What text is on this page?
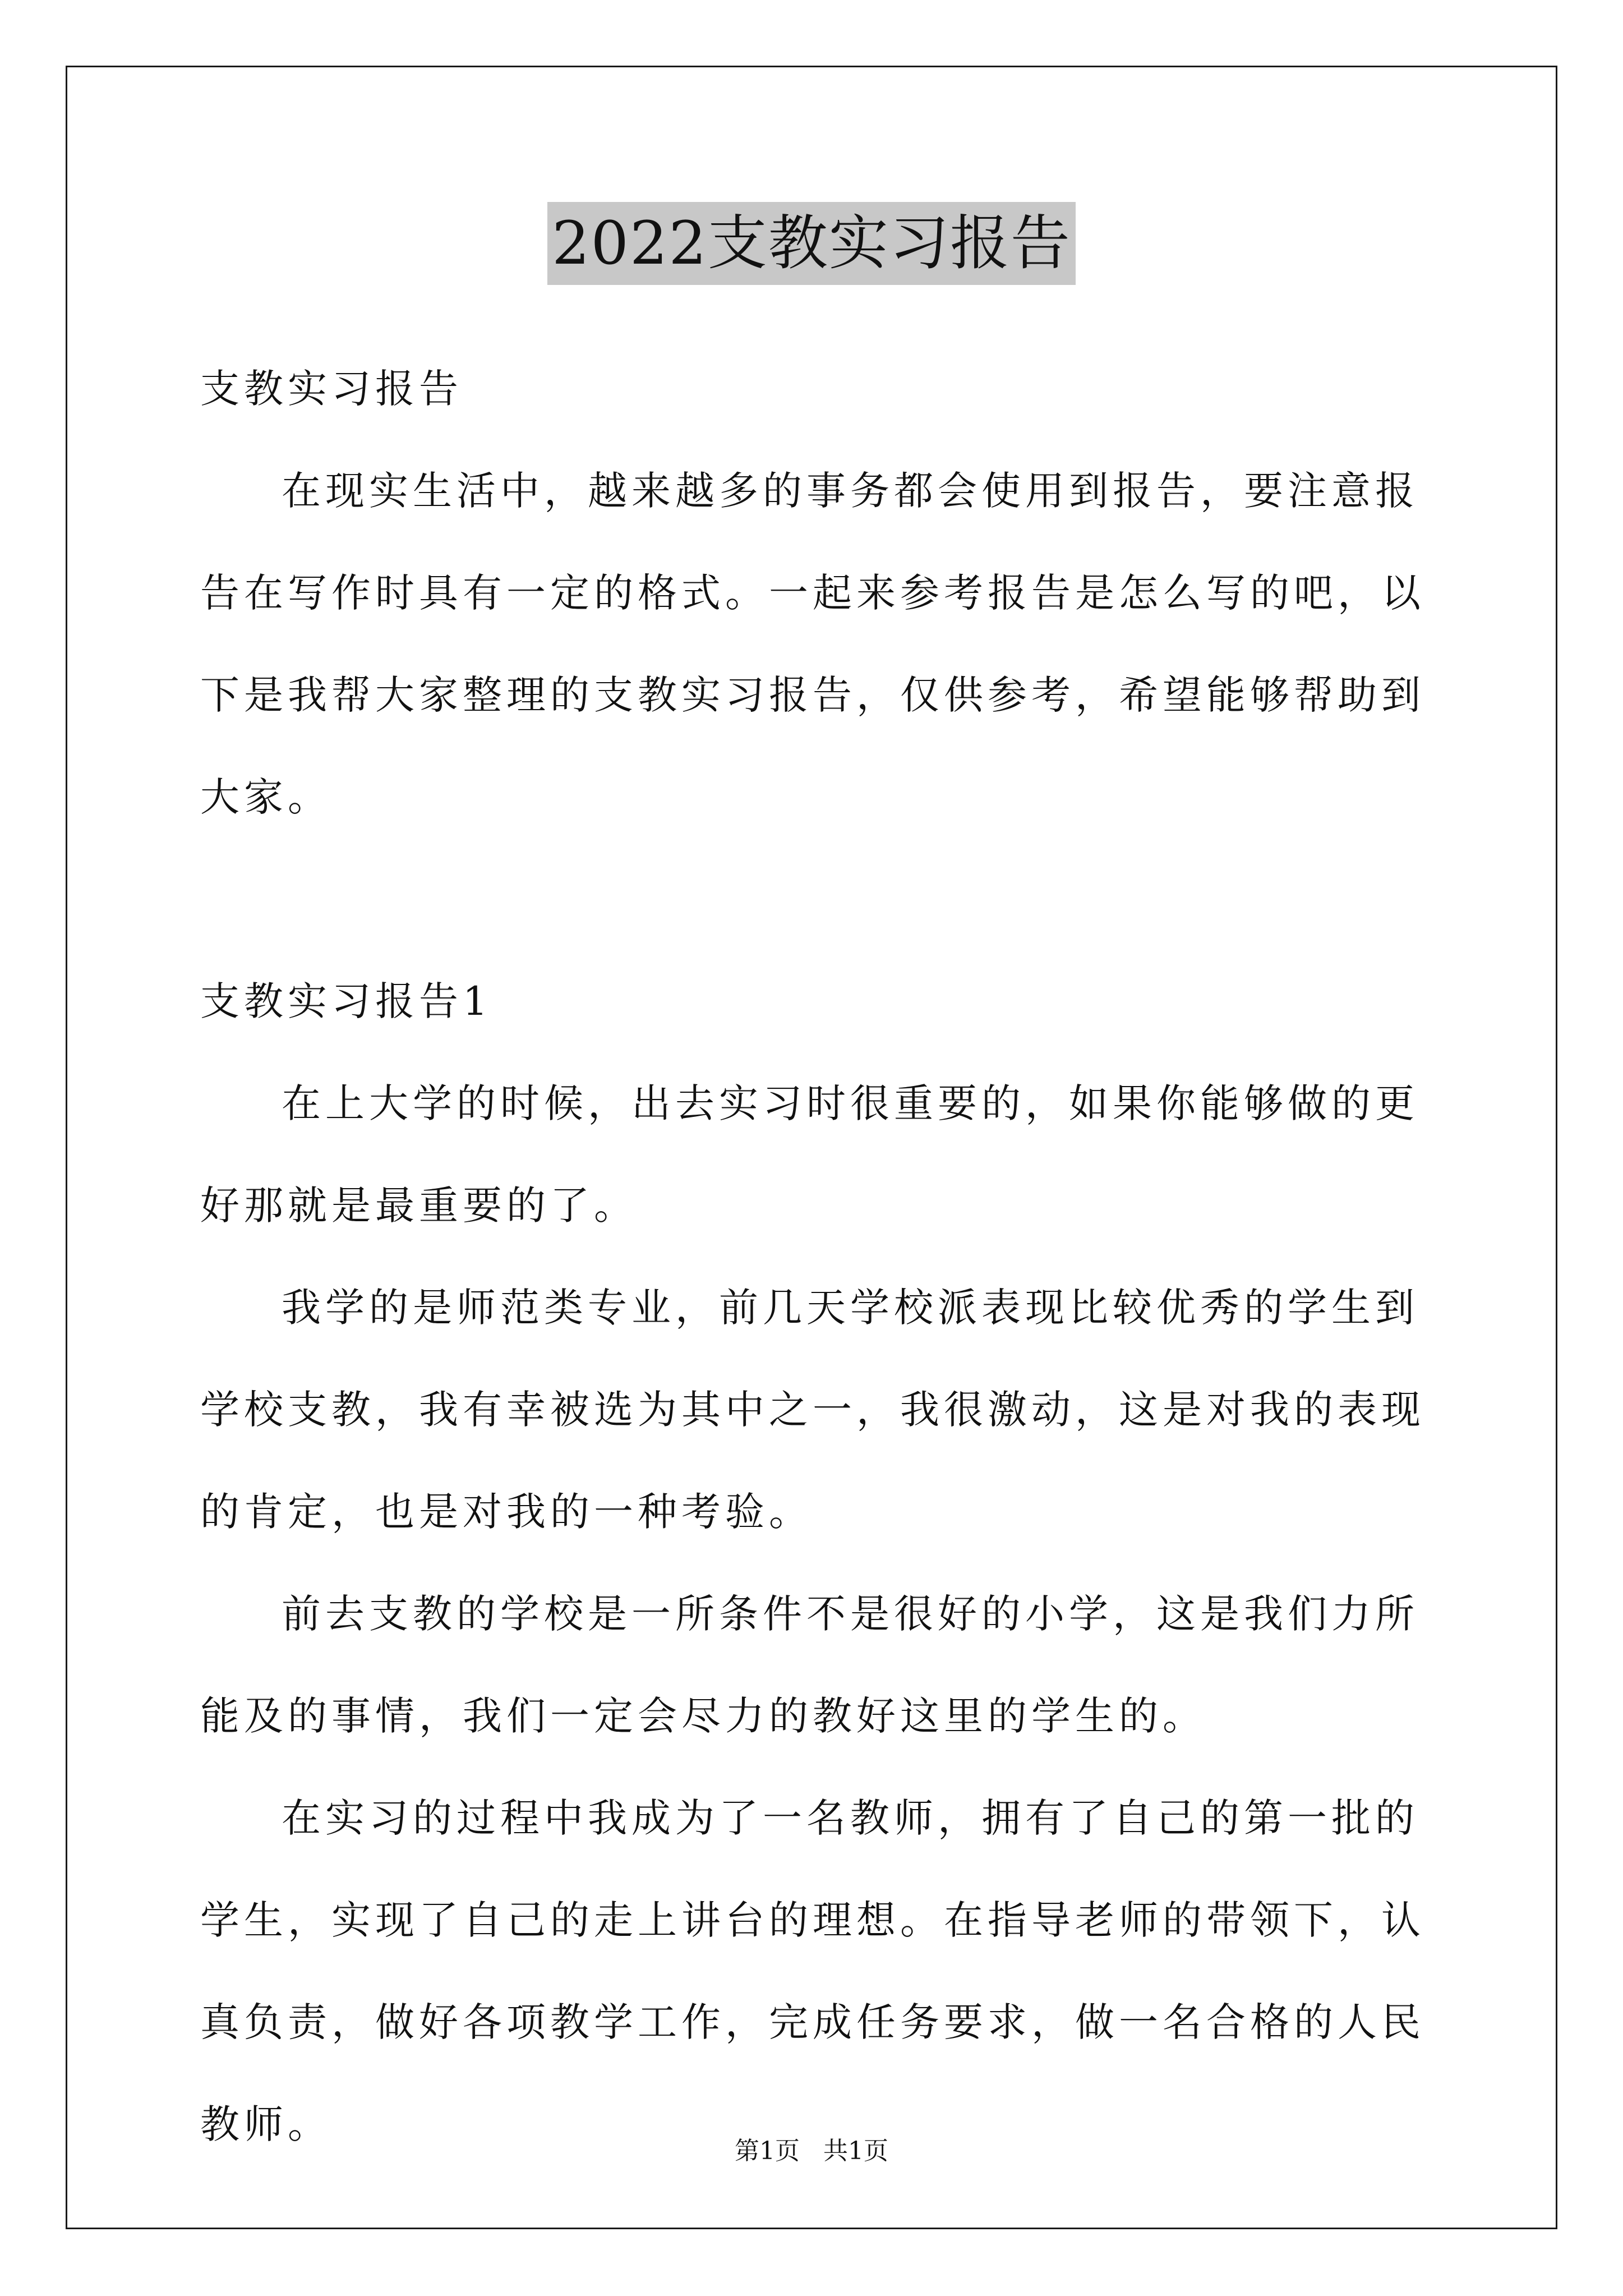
2022支教实习报告

支教实习报告

在现实生活中，越来越多的事务都会使用到报告，要注意报告在写作时具有一定的格式。一起来参考报告是怎么写的吧，以下是我帮大家整理的支教实习报告，仅供参考，希望能够帮助到大家。

支教实习报告1

在上大学的时候，出去实习时很重要的，如果你能够做的更好那就是最重要的了。

我学的是师范类专业，前几天学校派表现比较优秀的学生到学校支教，我有幸被选为其中之一，我很激动，这是对我的表现的肯定，也是对我的一种考验。

前去支教的学校是一所条件不是很好的小学，这是我们力所能及的事情，我们一定会尽力的教好这里的学生的。

在实习的过程中我成为了一名教师，拥有了自己的第一批的学生，实现了自己的走上讲台的理想。在指导老师的带领下，认真负责，做好各项教学工作，完成任务要求，做一名合格的人民教师。

第1页   共1页
